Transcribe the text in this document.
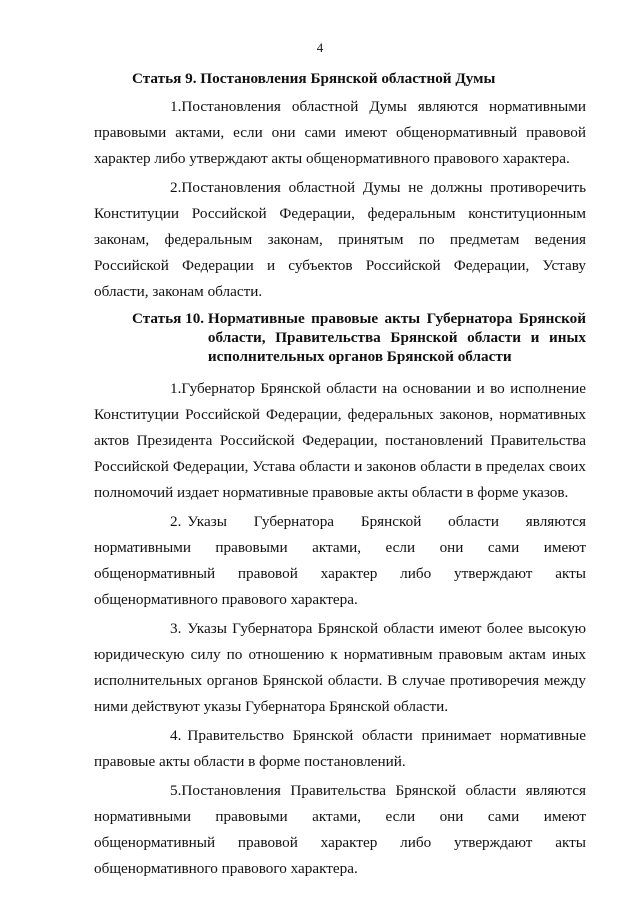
4
Статья 9. Постановления Брянской областной Думы

1.Постановления областной Думы являются нормативными правовыми актами, если они сами имеют общенормативный правовой характер либо утверждают акты общенормативного правового характера.

2.Постановления областной Думы не должны противоречить Конституции Российской Федерации, федеральным конституционным законам, федеральным законам, принятым по предметам ведения Российской Федерации и субъектов Российской Федерации, Уставу области, законам области.

Статья 10. Нормативные правовые акты Губернатора Брянской области, Правительства Брянской области и иных исполнительных органов Брянской области

1.Губернатор Брянской области на основании и во исполнение Конституции Российской Федерации, федеральных законов, нормативных актов Президента Российской Федерации, постановлений Правительства Российской Федерации, Устава области и законов области в пределах своих полномочий издает нормативные правовые акты области в форме указов.

2. Указы Губернатора Брянской области являются нормативными правовыми актами, если они сами имеют общенормативный правовой характер либо утверждают акты общенормативного правового характера.

3. Указы Губернатора Брянской области имеют более высокую юридическую силу по отношению к нормативным правовым актам иных исполнительных органов Брянской области. В случае противоречия между ними действуют указы Губернатора Брянской области.

4. Правительство Брянской области принимает нормативные правовые акты области в форме постановлений.

5.Постановления Правительства Брянской области являются нормативными правовыми актами, если они сами имеют общенормативный правовой характер либо утверждают акты общенормативного правового характера.
